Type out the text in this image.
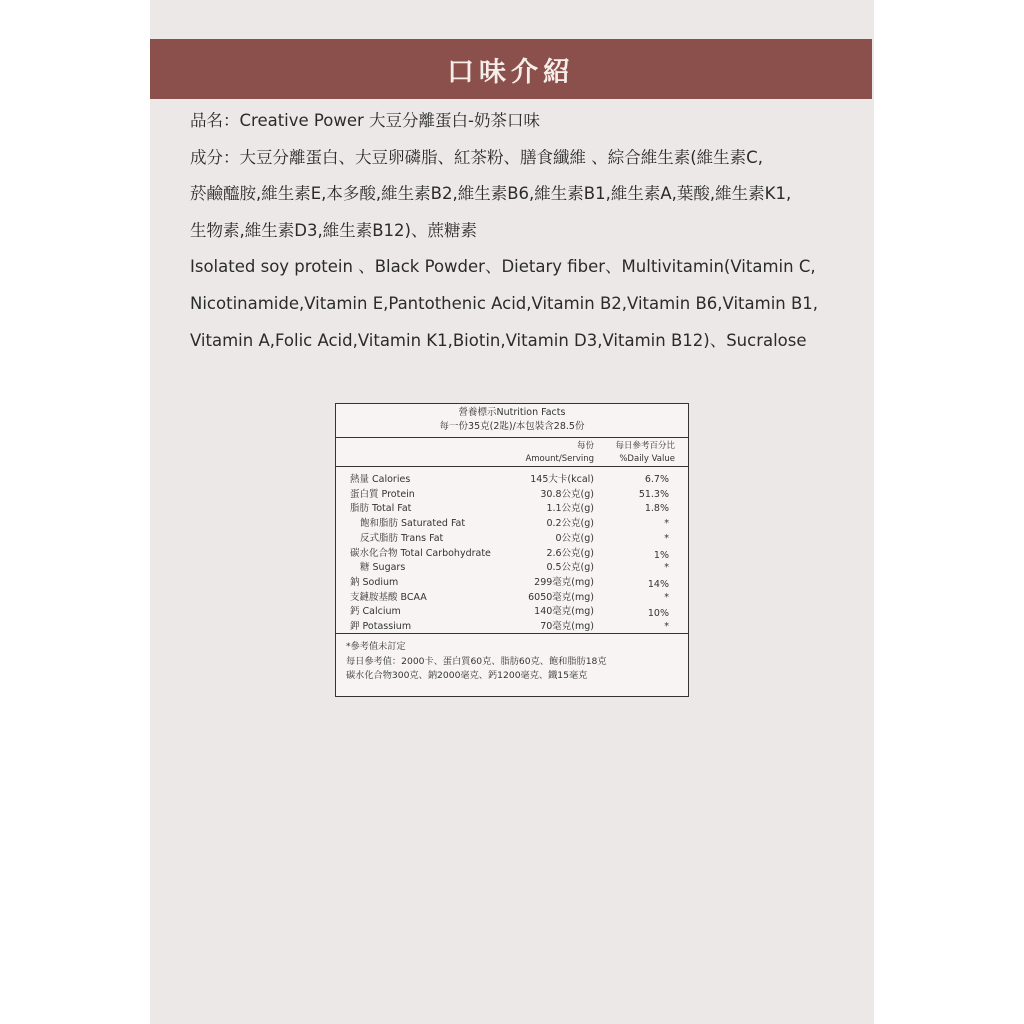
口味介紹
品名：Creative Power 大豆分離蛋白-奶茶口味
成分：大豆分離蛋白、大豆卵磷脂、紅茶粉、膳食纖維 、綜合維生素(維生素C,
菸鹼醯胺,維生素E,本多酸,維生素B2,維生素B6,維生素B1,維生素A,葉酸,維生素K1,
生物素,維生素D3,維生素B12)、蔗糖素
Isolated soy protein 、Black Powder、Dietary fiber、Multivitamin(Vitamin C,
Nicotinamide,Vitamin E,Pantothenic Acid,Vitamin B2,Vitamin B6,Vitamin B1,
Vitamin A,Folic Acid,Vitamin K1,Biotin,Vitamin D3,Vitamin B12)、Sucralose
營養標示Nutrition Facts
每一份35克(2匙)/本包裝含28.5份
每份
Amount/Serving
每日參考百分比
%Daily Value
熱量 Calories	145大卡(kcal)	6.7%
蛋白質 Protein	30.8公克(g)	51.3%
脂肪 Total Fat	1.1公克(g)	1.8%
飽和脂肪 Saturated Fat	0.2公克(g)	*
反式脂肪 Trans Fat	0公克(g)	*
碳水化合物 Total Carbohydrate	2.6公克(g)	1%
糖 Sugars	0.5公克(g)	*
鈉 Sodium	299毫克(mg)	14%
支鏈胺基酸 BCAA	6050毫克(mg)	*
鈣 Calcium	140毫克(mg)	10%
鉀 Potassium	70毫克(mg)	*
*參考值未訂定
每日參考值：2000卡、蛋白質60克、脂肪60克、飽和脂肪18克
碳水化合物300克、鈉2000毫克、鈣1200毫克、鐵15毫克
